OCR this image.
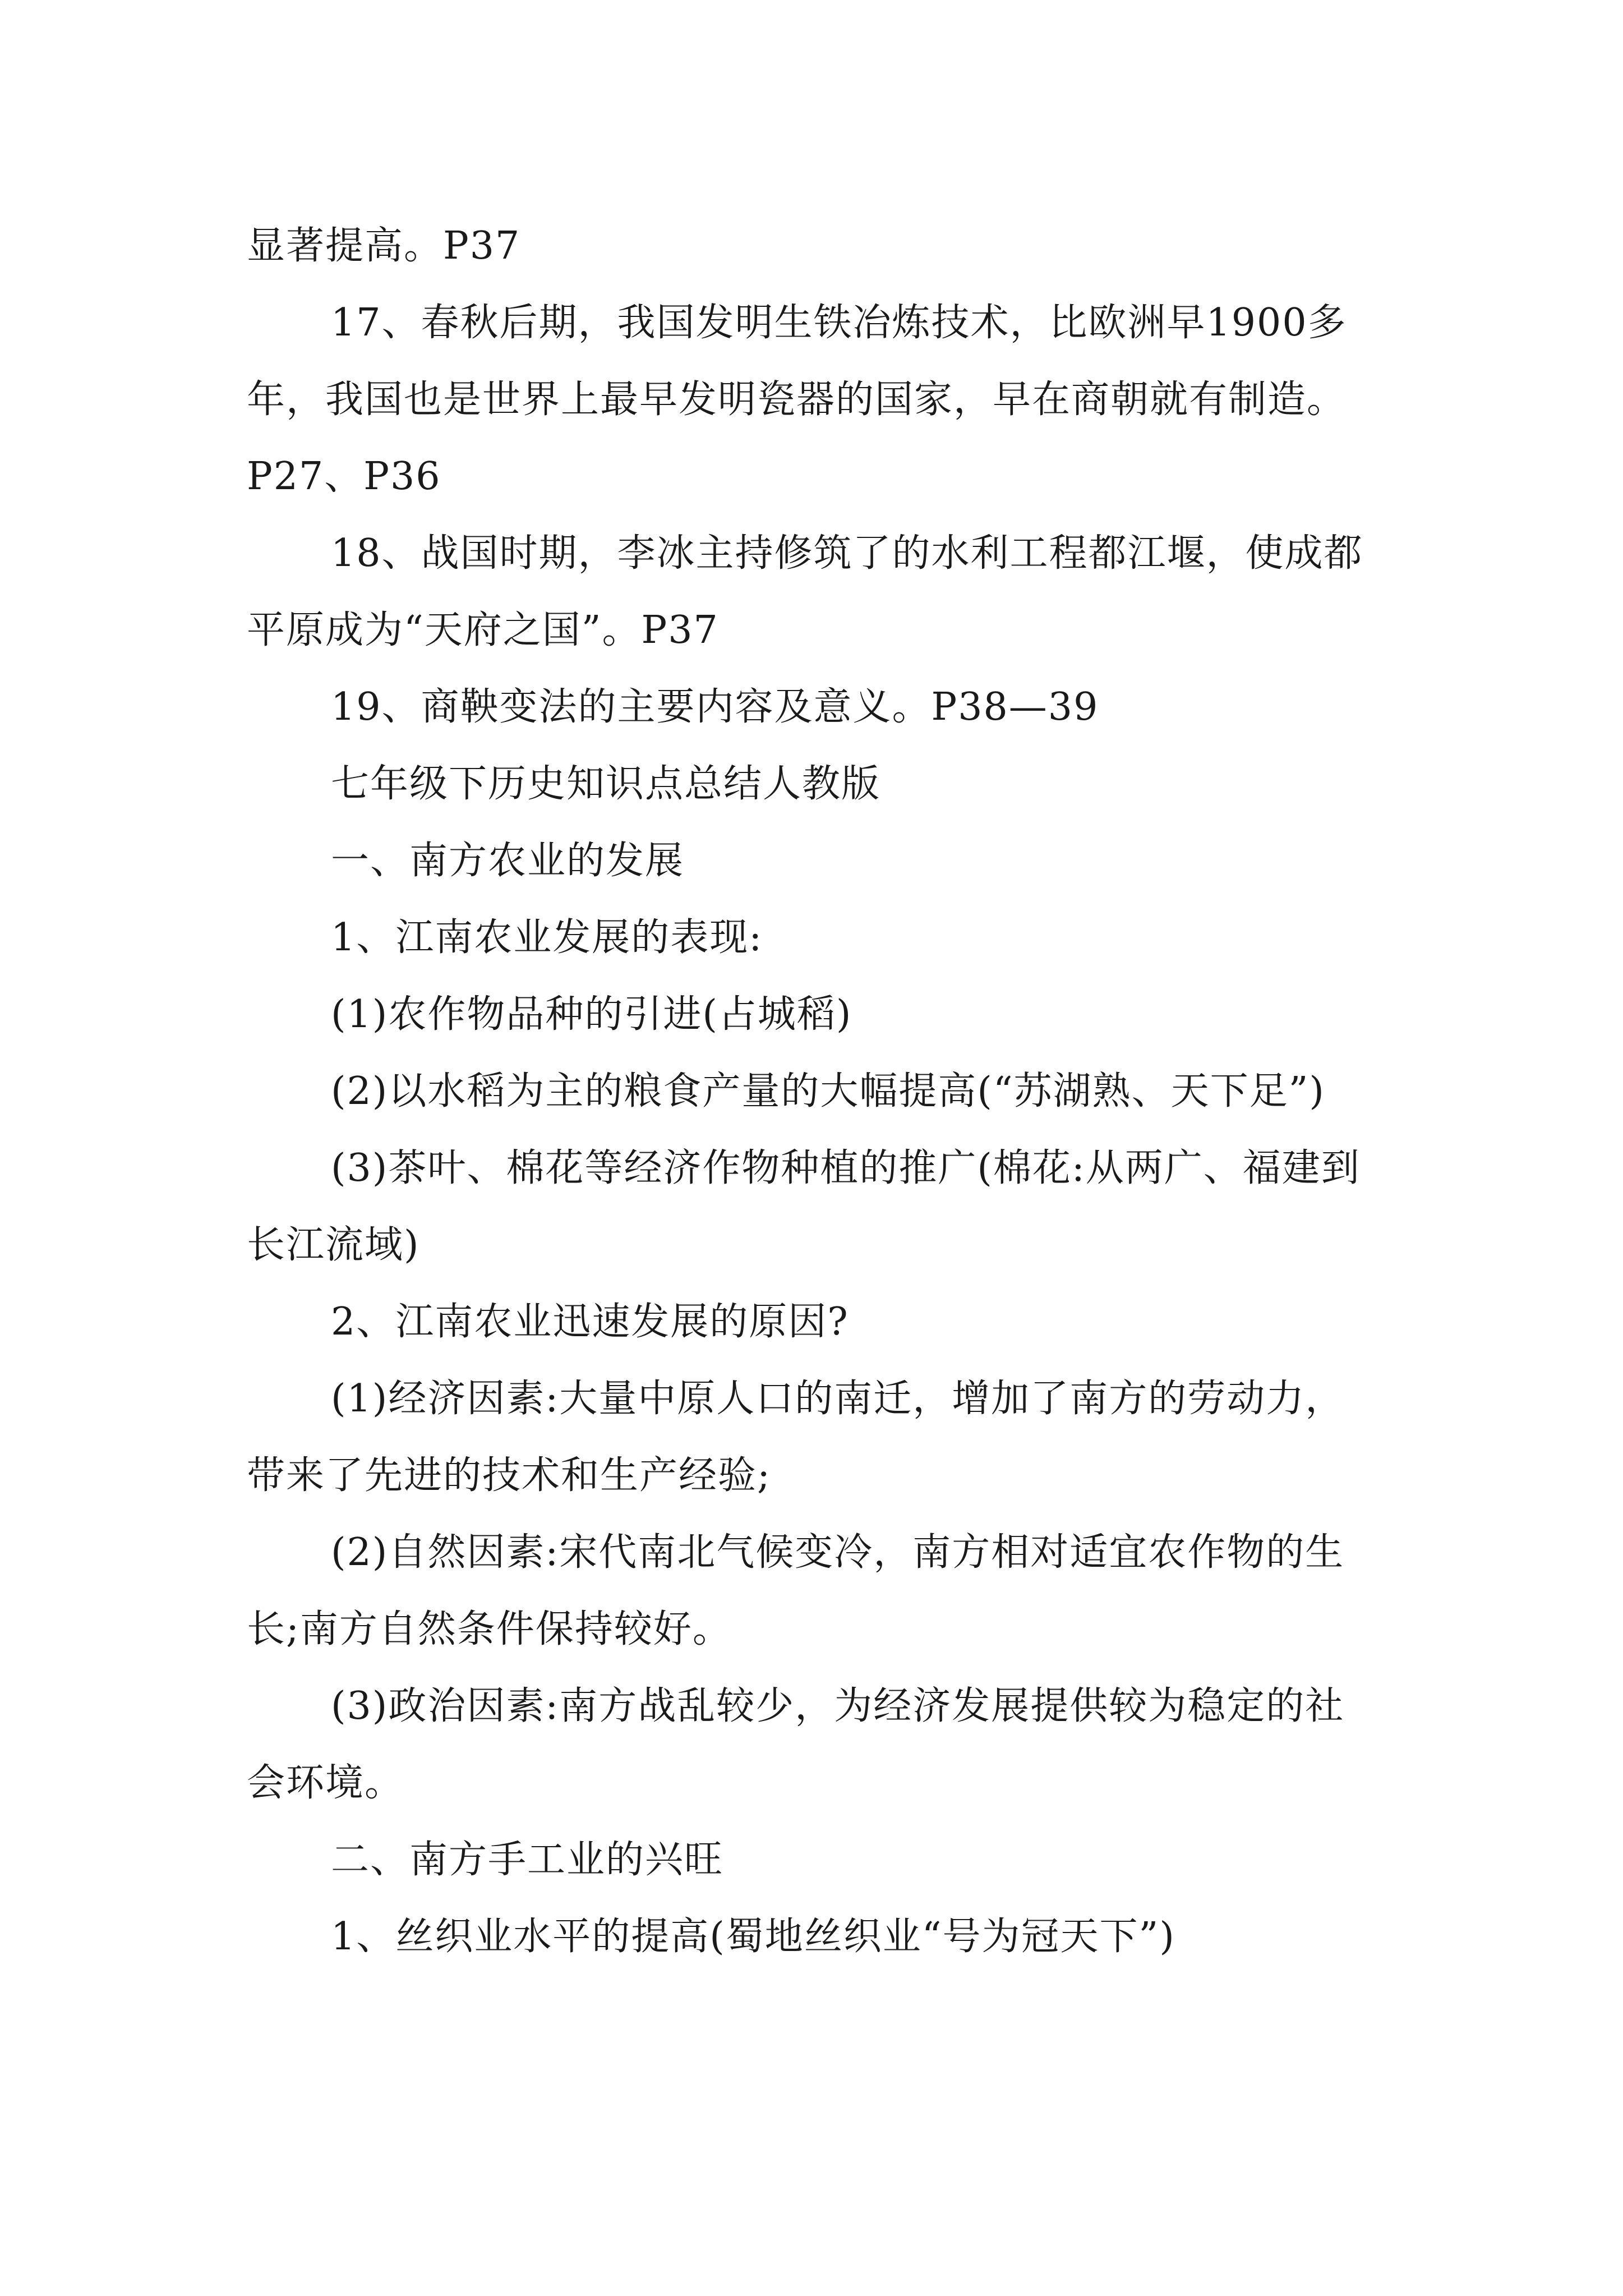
显著提高。P37

17、春秋后期，我国发明生铁冶炼技术，比欧洲早1900多年，我国也是世界上最早发明瓷器的国家，早在商朝就有制造。P27、P36

18、战国时期，李冰主持修筑了的水利工程都江堰，使成都平原成为“天府之国”。P37

19、商鞅变法的主要内容及意义。P38—39

七年级下历史知识点总结人教版

一、南方农业的发展

1、江南农业发展的表现:

(1)农作物品种的引进(占城稻)

(2)以水稻为主的粮食产量的大幅提高(“苏湖熟、天下足”)

(3)茶叶、棉花等经济作物种植的推广(棉花:从两广、福建到长江流域)

2、江南农业迅速发展的原因?

(1)经济因素:大量中原人口的南迁，增加了南方的劳动力，带来了先进的技术和生产经验;

(2)自然因素:宋代南北气候变冷，南方相对适宜农作物的生长;南方自然条件保持较好。

(3)政治因素:南方战乱较少，为经济发展提供较为稳定的社会环境。

二、南方手工业的兴旺

1、丝织业水平的提高(蜀地丝织业“号为冠天下”)
